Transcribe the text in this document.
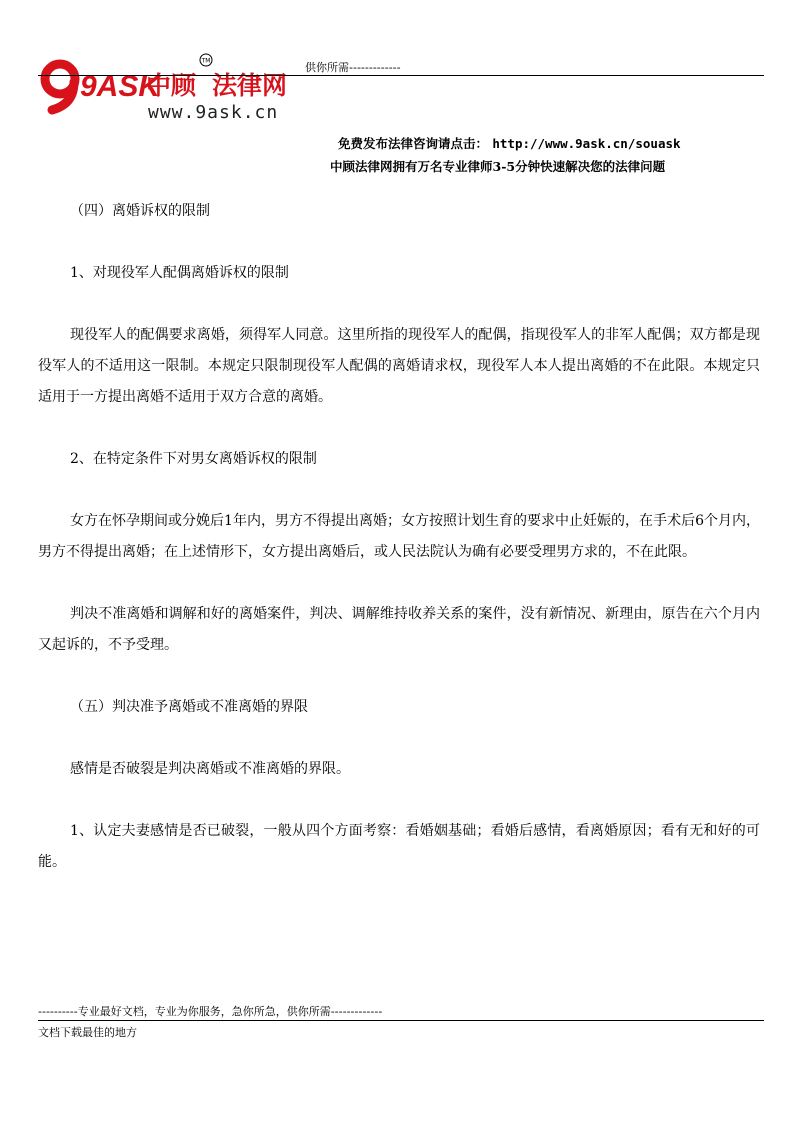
9ASK
中顾 法律网
TM
www.9ask.cn
供你所需-------------
免费发布法律咨询请点击： http://www.9ask.cn/souask
中顾法律网拥有万名专业律师3-5分钟快速解决您的法律问题

（四）离婚诉权的限制

1、对现役军人配偶离婚诉权的限制

现役军人的配偶要求离婚，须得军人同意。这里所指的现役军人的配偶，指现役军人的非军人配偶；双方都是现役军人的不适用这一限制。本规定只限制现役军人配偶的离婚请求权，现役军人本人提出离婚的不在此限。本规定只适用于一方提出离婚不适用于双方合意的离婚。

2、在特定条件下对男女离婚诉权的限制

女方在怀孕期间或分娩后1年内，男方不得提出离婚；女方按照计划生育的要求中止妊娠的，在手术后6个月内，男方不得提出离婚；在上述情形下，女方提出离婚后，或人民法院认为确有必要受理男方求的，不在此限。

判决不准离婚和调解和好的离婚案件，判决、调解维持收养关系的案件，没有新情况、新理由，原告在六个月内又起诉的，不予受理。

（五）判决准予离婚或不准离婚的界限

感情是否破裂是判决离婚或不准离婚的界限。

1、认定夫妻感情是否已破裂，一般从四个方面考察：看婚姻基础；看婚后感情，看离婚原因；看有无和好的可能。

----------专业最好文档，专业为你服务，急你所急，供你所需-------------
文档下载最佳的地方
